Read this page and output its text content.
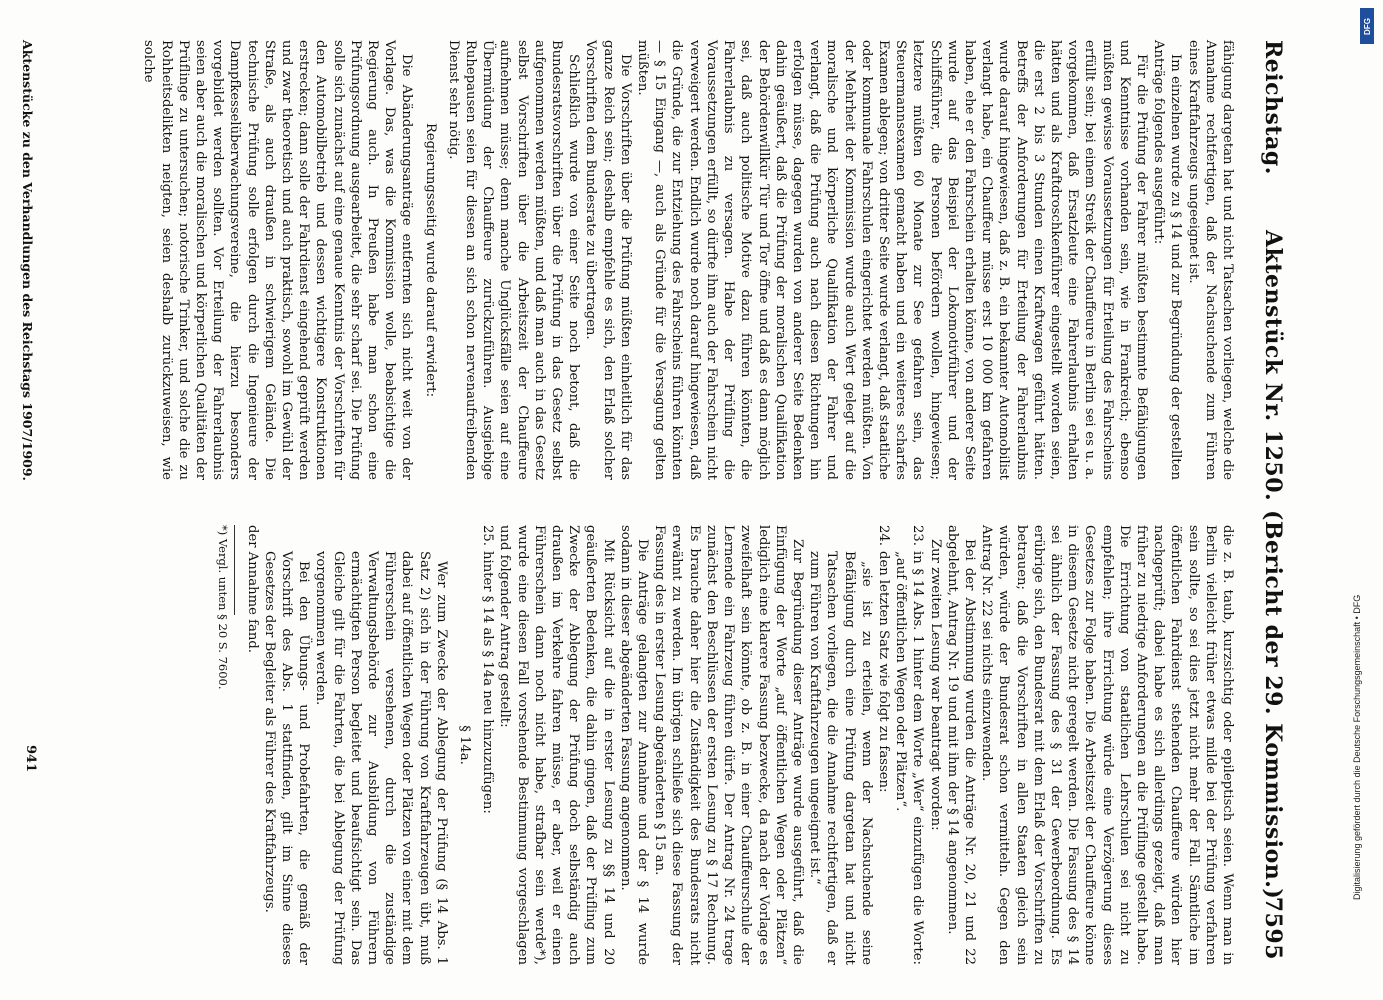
Reichstag.
Aktenstück Nr. 1250.
(Bericht der 29. Kommission.)
7595

fähigung dargetan hat und nicht Tatsachen vorliegen, welche die Annahme rechtfertigen, daß der Nachsuchende zum Führen eines Kraftfahrzeugs ungeeignet ist.

Im einzelnen wurde zu § 14 und zur Begründung der gestellten Anträge folgendes ausgeführt:

Für die Prüfung der Fahrer müßten bestimmte Befähigungen und Kenntnisse vorhanden sein, wie in Frankreich; ebenso müßten gewisse Voraussetzungen für Erteilung des Fahrscheins erfüllt sein; bei einem Streik der Chauffeure in Berlin sei es u. a. vorgekommen, daß Ersatzleute eine Fahrerlaubnis erhalten hätten und als Kraftdroschkenführer eingestellt worden seien, die erst 2 bis 3 Stunden einen Kraftwagen geführt hätten. Betreffs der Anforderungen für Erteilung der Fahrerlaubnis wurde darauf hingewiesen, daß z. B. ein bekannter Automobilist verlangt habe, ein Chauffeur müsse erst 10 000 km gefahren haben, ehe er den Fahrschein erhalten könne, von anderer Seite wurde auf das Beispiel der Lokomotivführer und der Schiffsführer, die Personen befördern wollen, hingewiesen; letztere müßten 60 Monate zur See gefahren sein, das Steuermannsexamen gemacht haben und ein weiteres scharfes Examen ablegen; von dritter Seite wurde verlangt, daß staatliche oder kommunale Fahrschulen eingerichtet werden müßten. Von der Mehrheit der Kommission wurde auch Wert gelegt auf die moralische und körperliche Qualifikation der Fahrer und verlangt, daß die Prüfung auch nach diesen Richtungen hin erfolgen müsse, dagegen wurden von anderer Seite Bedenken dahin geäußert, daß die Prüfung der moralischen Qualifikation der Behördenwillkür Tür und Tor öffne und daß es dann möglich sei, daß auch politische Motive dazu führen könnten, die Fahrerlaubnis zu versagen. Habe der Prüfling die Voraussetzungen erfüllt, so dürfte ihm auch der Fahrschein nicht verweigert werden. Endlich wurde noch darauf hingewiesen, daß die Gründe, die zur Entziehung des Fahrscheins führen könnten — § 15 Eingang —, auch als Gründe für die Versagung gelten müßten.

Die Vorschriften über die Prüfung müßten einheitlich für das ganze Reich sein; deshalb empfehle es sich, den Erlaß solcher Vorschriften dem Bundesrate zu übertragen.

Schließlich wurde von einer Seite noch betont, daß die Bundesratsvorschriften über die Prüfung in das Gesetz selbst aufgenommen werden müßten, und daß man auch in das Gesetz selbst Vorschriften über die Arbeitszeit der Chauffeure aufnehmen müsse; denn manche Unglücksfälle seien auf eine Übermüdung der Chauffeure zurückzuführen. Ausgiebige Ruhepausen seien für diesen an sich schon nervenaufreibenden Dienst sehr nötig.

Regierungsseitig wurde darauf erwidert:

Die Abänderungsanträge entfernten sich nicht weit von der Vorlage. Das, was die Kommission wolle, beabsichtige die Regierung auch. In Preußen habe man schon eine Prüfungsordnung ausgearbeitet, die sehr scharf sei. Die Prüfung solle sich zunächst auf eine genaue Kenntnis der Vorschriften für den Automobilbetrieb und dessen wichtigere Konstruktionen erstrecken; dann solle der Fahrdienst eingehend geprüft werden und zwar theoretisch und auch praktisch, sowohl im Gewühl der Straße, als auch draußen in schwierigem Gelände. Die technische Prüfung solle erfolgen durch die Ingenieure der Dampfkesselüberwachungsvereine, die hierzu besonders vorgebildet werden sollten. Vor Erteilung der Fahrerlaubnis seien aber auch die moralischen und körperlichen Qualitäten der Prüflinge zu untersuchen; notorische Trinker, und solche die zu Rohheitsdelikten neigten, seien deshalb zurückzuweisen, wie solche

die z. B. taub, kurzsichtig oder epileptisch seien. Wenn man in Berlin vielleicht früher etwas milde bei der Prüfung verfahren sein sollte, so sei dies jetzt nicht mehr der Fall. Sämtliche im öffentlichen Fahrdienst stehenden Chauffeure würden hier nachgeprüft; dabei habe es sich allerdings gezeigt, daß man früher zu niedrige Anforderungen an die Prüflinge gestellt habe. Die Errichtung von staatlichen Lehrschulen sei nicht zu empfehlen; ihre Errichtung würde eine Verzögerung dieses Gesetzes zur Folge haben. Die Arbeitszeit der Chauffeure könne in diesem Gesetze nicht geregelt werden. Die Fassung des § 14 sei ähnlich der Fassung des § 31 der Gewerbeordnung. Es erübrige sich, den Bundesrat mit dem Erlaß der Vorschriften zu betrauen; daß die Vorschriften in allen Staaten gleich sein würden, würde der Bundesrat schon vermitteln. Gegen den Antrag Nr. 22 sei nichts einzuwenden.

Bei der Abstimmung wurden die Anträge Nr. 20, 21 und 22 abgelehnt, Antrag Nr. 19 und mit ihm der § 14 angenommen.

Zur zweiten Lesung war beantragt worden:

23.
in § 14 Abs. 1 hinter dem Worte „Wer“ einzufügen die Worte: „auf öffentlichen Wegen oder Plätzen“.

24.
den letzten Satz wie folgt zu fassen:

„sie ist zu erteilen, wenn der Nachsuchende seine Befähigung durch eine Prüfung dargetan hat und nicht Tatsachen vorliegen, die die Annahme rechtfertigen, daß er zum Führen von Kraftfahrzeugen ungeeignet ist.“

Zur Begründung dieser Anträge wurde ausgeführt, daß die Einfügung der Worte „auf öffentlichen Wegen oder Plätzen“ lediglich eine klarere Fassung bezwecke, da nach der Vorlage es zweifelhaft sein könnte, ob z. B. in einer Chauffeurschule der Lernende ein Fahrzeug führen dürfe. Der Antrag Nr. 24 trage zunächst den Beschlüssen der ersten Lesung zu § 17 Rechnung. Es brauche daher hier die Zuständigkeit des Bundesrats nicht erwähnt zu werden. Im übrigen schließe sich diese Fassung der Fassung des in erster Lesung abgeänderten § 15 an.

Die Anträge gelangten zur Annahme und der § 14 wurde sodann in dieser abgeänderten Fassung angenommen.

Mit Rücksicht auf die in erster Lesung zu §§ 14 und 20 geäußerten Bedenken, die dahin gingen, daß der Prüfling zum Zwecke der Ablegung der Prüfung doch selbständig auch draußen im Verkehre fahren müsse, er aber, weil er einen Führerschein dann noch nicht habe, strafbar sein werde*), wurde eine diesen Fall vorsehende Bestimmung vorgeschlagen und folgender Antrag gestellt:

25.
hinter § 14 als § 14a neu hinzuzufügen:

§ 14a.

Wer zum Zwecke der Ablegung der Prüfung (§ 14 Abs. 1 Satz 2) sich in der Führung von Kraftfahrzeugen übt, muß dabei auf öffentlichen Wegen oder Plätzen von einer mit dem Führerschein versehenen, durch die zuständige Verwaltungsbehörde zur Ausbildung von Führern ermächtigten Person begleitet und beaufsichtigt sein. Das Gleiche gilt für die Fahrten, die bei Ablegung der Prüfung vorgenommen werden.

Bei den Übungs- und Probefahrten, die gemäß der Vorschrift des Abs. 1 stattfinden, gilt im Sinne dieses Gesetzes der Begleiter als Führer des Kraftfahrzeugs.

der Annahme fand.

*) Vergl. unten § 20 S. 7600.
Aktenstücke zu den Verhandlungen des Reichstags 1907/1909.
941	Digitalisierung gefördert durch die Deutsche Forschungsgemeinschaft • DFG
DFG
